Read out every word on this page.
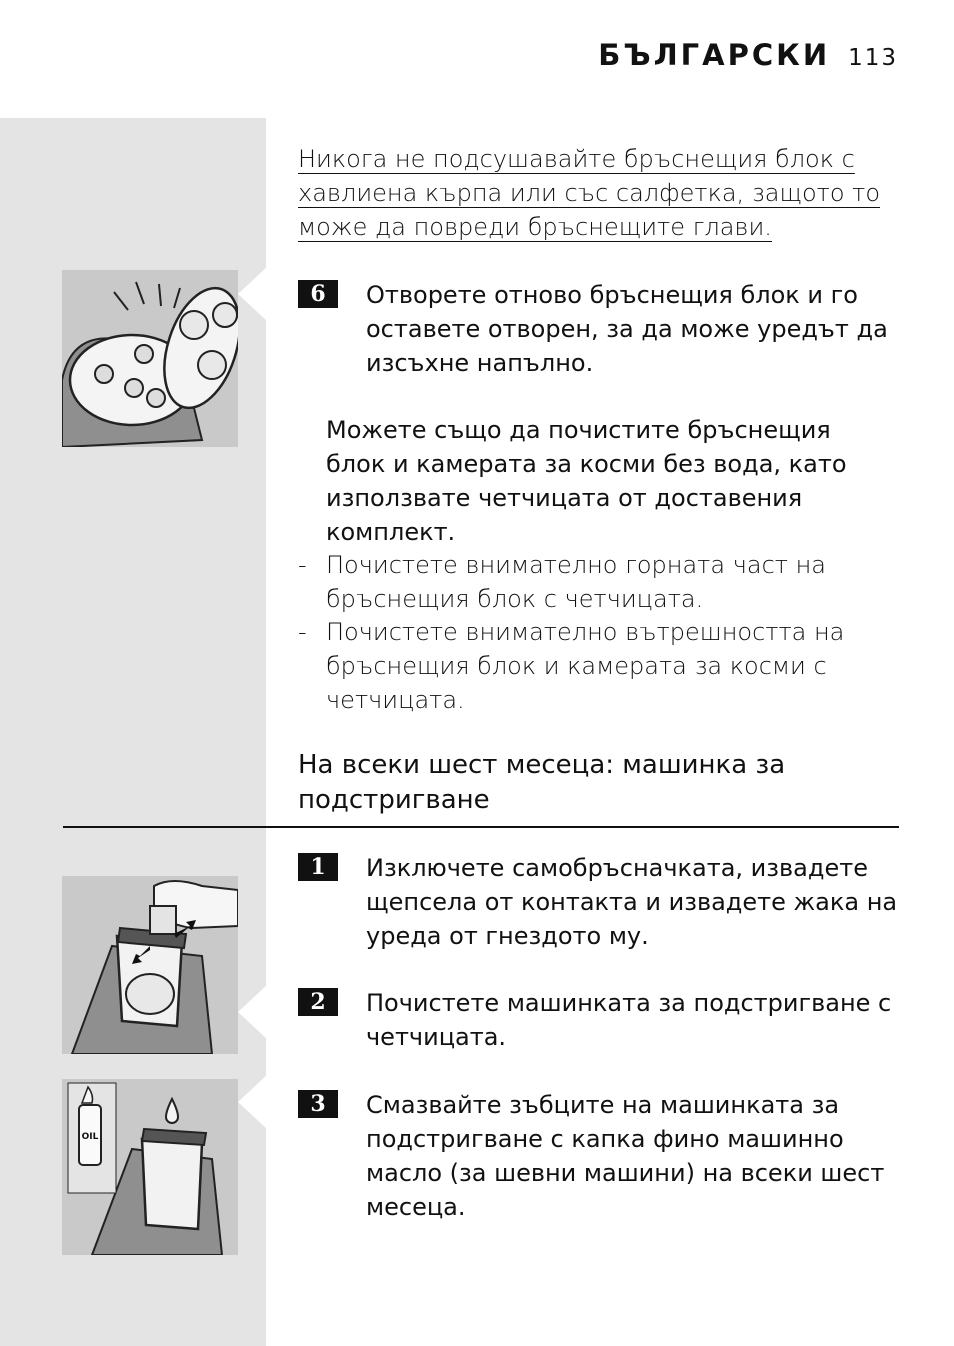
БЪЛГАРСКИ 113
OIL
Никога не подсушавайте бръснещия блок с хавлиена кърпа или със салфетка, защото то може да повреди бръснещите глави.
6	Отворете отново бръснещия блок и го оставете отворен, за да може уредът да изсъхне напълно.
Можете също да почистите бръснещия блок и камерата за косми без вода, като използвате четчицата от доставения комплект.
- Почистете внимателно горната част на бръснещия блок с четчицата.
- Почистете внимателно вътрешността на бръснещия блок и камерата за косми с четчицата.
На всеки шест месеца: машинка за подстригване
1	Изключете самобръсначката, извадете щепсела от контакта и извадете жака на уреда от гнездото му.
2	Почистете машинката за подстригване с четчицата.
3	Смазвайте зъбците на машинката за подстригване с капка фино машинно масло (за шевни машини) на всеки шест месеца.
